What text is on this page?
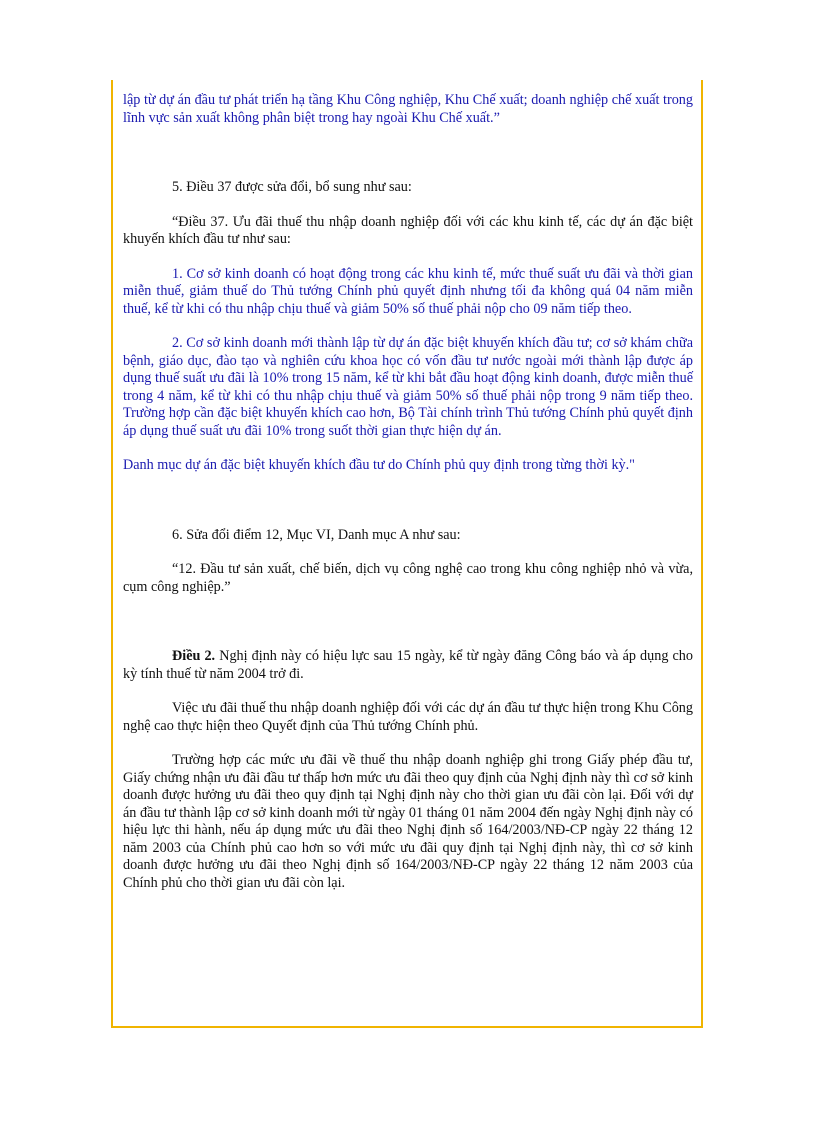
lập từ dự án đầu tư phát triển hạ tầng Khu Công nghiệp, Khu Chế xuất; doanh nghiệp chế xuất trong lĩnh vực sản xuất không phân biệt trong hay ngoài Khu Chế xuất.”

5. Điều 37 được sửa đổi, bổ sung như sau:

“Điều 37. Ưu đãi thuế thu nhập doanh nghiệp đối với các khu kinh tế, các dự án đặc biệt khuyến khích đầu tư như sau:

1. Cơ sở kinh doanh có hoạt động trong các khu kinh tế, mức thuế suất ưu đãi và thời gian miễn thuế, giảm thuế do Thủ tướng Chính phủ quyết định nhưng tối đa không quá 04 năm miễn thuế, kể từ khi có thu nhập chịu thuế và giảm 50% số thuế phải nộp cho 09 năm tiếp theo.

2. Cơ sở kinh doanh mới thành lập từ dự án đặc biệt khuyến khích đầu tư; cơ sở khám chữa bệnh, giáo dục, đào tạo và nghiên cứu khoa học có vốn đầu tư nước ngoài mới thành lập được áp dụng thuế suất ưu đãi là 10% trong 15 năm, kể từ khi bắt đầu hoạt động kinh doanh, được miễn thuế trong 4 năm, kể từ khi có thu nhập chịu thuế và giảm 50% số thuế phải nộp trong 9 năm tiếp theo. Trường hợp cần đặc biệt khuyến khích cao hơn, Bộ Tài chính trình Thủ tướng Chính phủ quyết định áp dụng thuế suất ưu đãi 10% trong suốt thời gian thực hiện dự án.

Danh mục dự án đặc biệt khuyến khích đầu tư do Chính phủ quy định trong từng thời kỳ."

6. Sửa đổi điểm 12, Mục VI, Danh mục A như sau:

“12. Đầu tư sản xuất, chế biến, dịch vụ công nghệ cao trong khu công nghiệp nhỏ và vừa, cụm công nghiệp.”

Điều 2. Nghị định này có hiệu lực sau 15 ngày, kể từ ngày đăng Công báo và áp dụng cho kỳ tính thuế từ năm 2004 trở đi.

Việc ưu đãi thuế thu nhập doanh nghiệp đối với các dự án đầu tư thực hiện trong Khu Công nghệ cao thực hiện theo Quyết định của Thủ tướng Chính phủ.

Trường hợp các mức ưu đãi về thuế thu nhập doanh nghiệp ghi trong Giấy phép đầu tư, Giấy chứng nhận ưu đãi đầu tư thấp hơn mức ưu đãi theo quy định của Nghị định này thì cơ sở kinh doanh được hưởng ưu đãi theo quy định tại Nghị định này cho thời gian ưu đãi còn lại. Đối với dự án đầu tư thành lập cơ sở kinh doanh mới từ ngày 01 tháng 01 năm 2004 đến ngày Nghị định này có hiệu lực thi hành, nếu áp dụng mức ưu đãi theo Nghị định số 164/2003/NĐ-CP ngày 22 tháng 12 năm 2003 của Chính phủ cao hơn so với mức ưu đãi quy định tại Nghị định này, thì cơ sở kinh doanh được hưởng ưu đãi theo Nghị định số 164/2003/NĐ-CP ngày 22 tháng 12 năm 2003 của Chính phủ cho thời gian ưu đãi còn lại.
